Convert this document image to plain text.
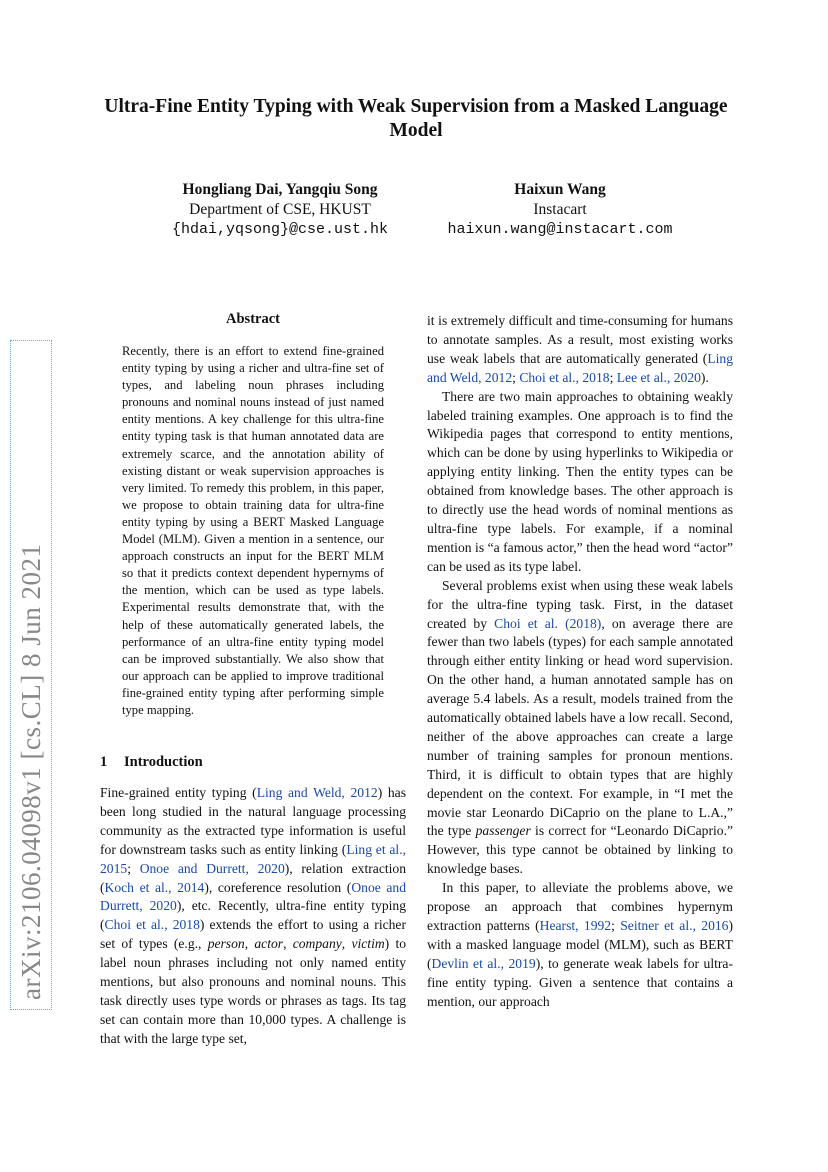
Ultra-Fine Entity Typing with Weak Supervision from a Masked Language Model
Hongliang Dai, Yangqiu Song
Department of CSE, HKUST
{hdai,yqsong}@cse.ust.hk
Haixun Wang
Instacart
haixun.wang@instacart.com
arXiv:2106.04098v1 [cs.CL] 8 Jun 2021
Abstract

Recently, there is an effort to extend fine-grained entity typing by using a richer and ultra-fine set of types, and labeling noun phrases including pronouns and nominal nouns instead of just named entity mentions. A key challenge for this ultra-fine entity typing task is that human annotated data are extremely scarce, and the annotation ability of existing distant or weak supervision approaches is very limited. To remedy this problem, in this paper, we propose to obtain training data for ultra-fine entity typing by using a BERT Masked Language Model (MLM). Given a mention in a sentence, our approach constructs an input for the BERT MLM so that it predicts context dependent hypernyms of the mention, which can be used as type labels. Experimental results demonstrate that, with the help of these automatically generated labels, the performance of an ultra-fine entity typing model can be improved substantially. We also show that our approach can be applied to improve traditional fine-grained entity typing after performing simple type mapping.

1 Introduction

Fine-grained entity typing (Ling and Weld, 2012) has been long studied in the natural language processing community as the extracted type information is useful for downstream tasks such as entity linking (Ling et al., 2015; Onoe and Durrett, 2020), relation extraction (Koch et al., 2014), coreference resolution (Onoe and Durrett, 2020), etc. Recently, ultra-fine entity typing (Choi et al., 2018) extends the effort to using a richer set of types (e.g., person, actor, company, victim) to label noun phrases including not only named entity mentions, but also pronouns and nominal nouns. This task directly uses type words or phrases as tags. Its tag set can contain more than 10,000 types. A challenge is that with the large type set,

it is extremely difficult and time-consuming for humans to annotate samples. As a result, most existing works use weak labels that are automatically generated (Ling and Weld, 2012; Choi et al., 2018; Lee et al., 2020).

There are two main approaches to obtaining weakly labeled training examples. One approach is to find the Wikipedia pages that correspond to entity mentions, which can be done by using hyperlinks to Wikipedia or applying entity linking. Then the entity types can be obtained from knowledge bases. The other approach is to directly use the head words of nominal mentions as ultra-fine type labels. For example, if a nominal mention is “a famous actor,” then the head word “actor” can be used as its type label.

Several problems exist when using these weak labels for the ultra-fine typing task. First, in the dataset created by Choi et al. (2018), on average there are fewer than two labels (types) for each sample annotated through either entity linking or head word supervision. On the other hand, a human annotated sample has on average 5.4 labels. As a result, models trained from the automatically obtained labels have a low recall. Second, neither of the above approaches can create a large number of training samples for pronoun mentions. Third, it is difficult to obtain types that are highly dependent on the context. For example, in “I met the movie star Leonardo DiCaprio on the plane to L.A.,” the type passenger is correct for “Leonardo DiCaprio.” However, this type cannot be obtained by linking to knowledge bases.

In this paper, to alleviate the problems above, we propose an approach that combines hypernym extraction patterns (Hearst, 1992; Seitner et al., 2016) with a masked language model (MLM), such as BERT (Devlin et al., 2019), to generate weak labels for ultra-fine entity typing. Given a sentence that contains a mention, our approach
